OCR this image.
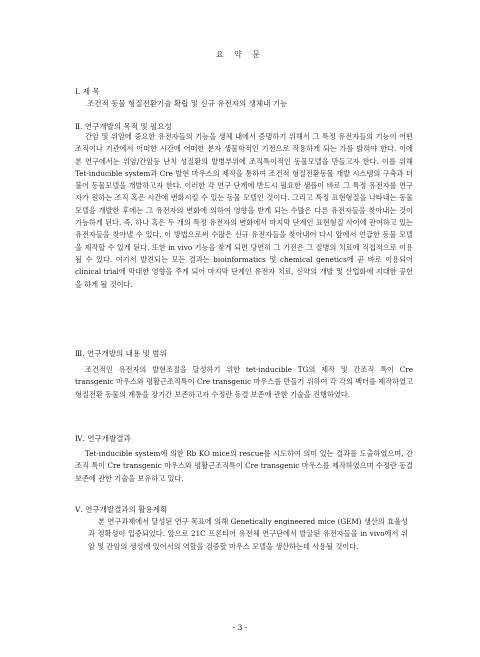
요 약 문
Ⅰ. 제 목
조건적 동물 형질전환기술 확립 및 신규 유전자의 생체내 기능
Ⅱ. 연구개발의 목적 및 필요성

간암 및 위암에 중요한 유전자들의 기능을 생체 내에서 증명하기 위해서 그 특정 유전자들의 기능이 어떤 조직이나 기관에서 어떠한 시간에 어떠한 분자 생물학적인 기전으로 작용하게 되는 가를 밝혀야 한다. 이에 본 연구에서는 위암/간암등 난치 성질환의 발병부위에 조직특이적인 동물모델을 만들고자 한다. 이를 위해 Tet-inducible system과 Cre 발현 마우스의 제작을 통하여 조건적 형질전환동물 개발 시스템의 구축과 더불어 동물모델을 개발하고자 한다. 이러한 각 연구 단계에 반드시 필요한 샘플이 바로 그 특정 유전자를 연구자가 원하는 조직 혹은 시간에 변화시킬 수 있는 동물 모델인 것이다. 그리고 특정 표현형질을 나타내는 동물 모델을 개발한 후에는 그 유전자의 변화에 의하여 영향을 받게 되는 수많은 다른 유전자들을 찾아내는 것이 가능하게 된다. 즉, 하나 혹은 두 개의 특정 유전자의 변화에서 마지막 단계인 표현형질 사이에 관여하고 있는 유전자들을 찾아낼 수 있다. 이 방법으로써 수많은 신규 유전자들을 찾아내어 다시 앞에서 언급한 동물 모델을 제작할 수 있게 된다. 또한 in vivo 기능을 찾게 되면 당연히 그 기전은 그 질병의 치료에 직접적으로 이용될 수 있다. 여기서 발견되는 모든 결과는 bioinformatics 및 chemical genetics에 곧 바로 이용되어 clinical trial에 막대한 영향을 주게 되어 마지막 단계인 유전자 치료, 신약의 개발 및 산업화에 지대한 공헌을 하게 될 것이다.

Ⅲ. 연구개발의 내용 및 범위

조건적인 유전자의 발현조절을 달성하기 위한 tet-inducible TG의 제작 및 간조직 특이 Cre transgenic 마우스와 평활근조직특이 Cre transgenic 마우스를 만들기 위하여 각 각의 벡터를 제작하였고 형질전환 동물의 계통을 장기간 보존하고자 수정란 동결 보존에 관한 기술을 진행하였다.

Ⅳ. 연구개발결과

Tet-inducible system에 의한 Rb KO mice의 rescue를 시도하여 의미 있는 결과를 도출하였으며, 간조직 특이 Cre transgenic 마우스와 평활근조직특이 Cre transgenic 마우스를 제작하였으며 수정란 동결 보존에 관한 기술을 보유하고 있다.

Ⅴ. 연구개발결과의 활용계획

본 연구과제에서 달성된 연구 목표에 의해 Genetically engineered mice (GEM) 생산의 효율성과 정확성이 입증되었다. 앞으로 21C 프론티어 유전체 연구단에서 발굴된 유전자들을 in vivo에서 위암 및 간암의 생성에 있어서의 역할을 검증할 마우스 모델을 생산하는데 사용될 것이다.

- 3 -
